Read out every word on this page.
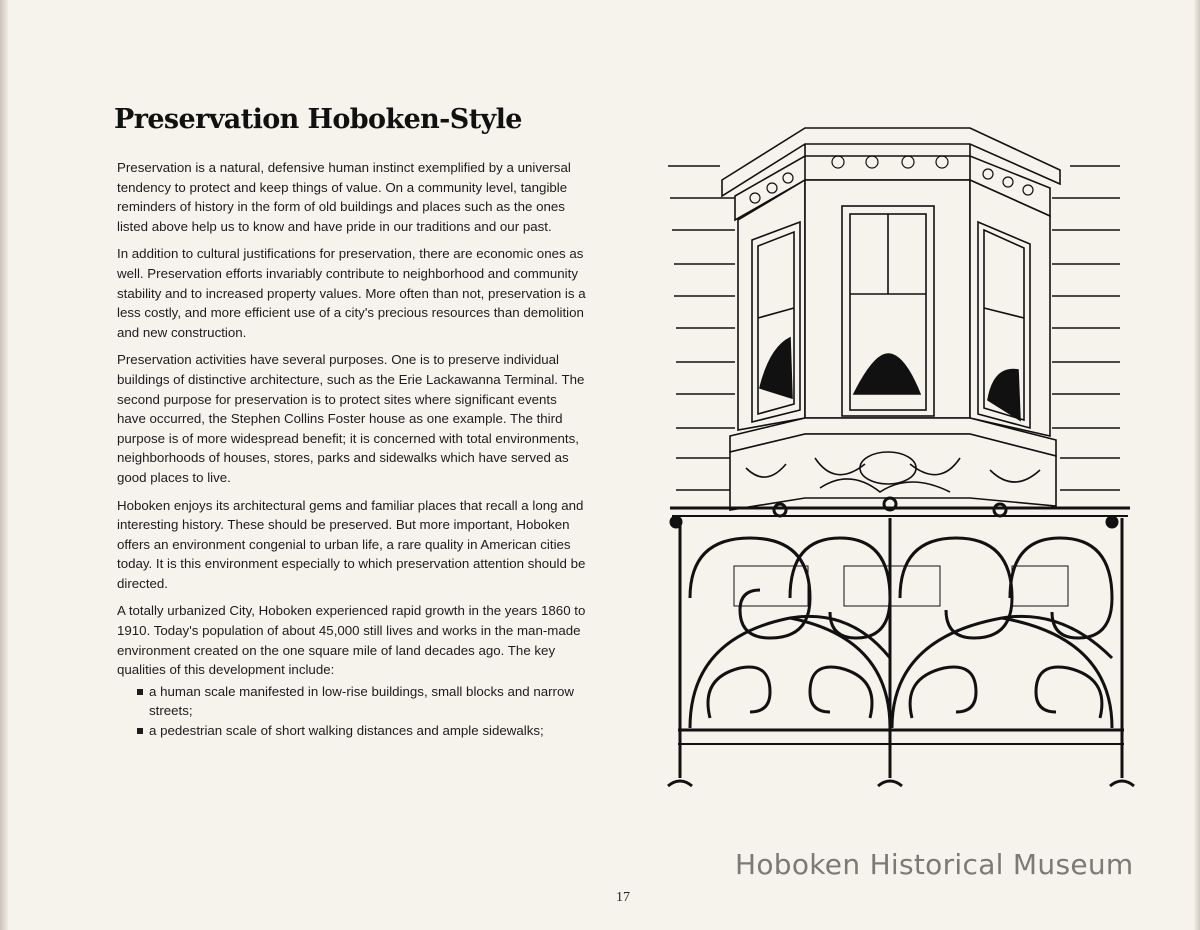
Preservation Hoboken-Style

Preservation is a natural, defensive human instinct exemplified by a universal tendency to protect and keep things of value. On a community level, tangible reminders of history in the form of old buildings and places such as the ones listed above help us to know and have pride in our traditions and our past.

In addition to cultural justifications for preservation, there are economic ones as well. Preservation efforts invariably contribute to neighborhood and community stability and to increased property values. More often than not, preservation is a less costly, and more efficient use of a city's precious resources than demolition and new construction.

Preservation activities have several purposes. One is to preserve individual buildings of distinctive architecture, such as the Erie Lackawanna Terminal. The second purpose for preservation is to protect sites where significant events have occurred, the Stephen Collins Foster house as one example. The third purpose is of more widespread benefit; it is concerned with total environments, neighborhoods of houses, stores, parks and sidewalks which have served as good places to live.

Hoboken enjoys its architectural gems and familiar places that recall a long and interesting history. These should be preserved. But more important, Hoboken offers an environment congenial to urban life, a rare quality in American cities today. It is this environment especially to which preservation attention should be directed.

A totally urbanized City, Hoboken experienced rapid growth in the years 1860 to 1910. Today's population of about 45,000 still lives and works in the man-made environment created on the one square mile of land decades ago. The key qualities of this development include:

a human scale manifested in low-rise buildings, small blocks and narrow streets;
a pedestrian scale of short walking distances and ample sidewalks;
Hoboken Historical Museum
17
